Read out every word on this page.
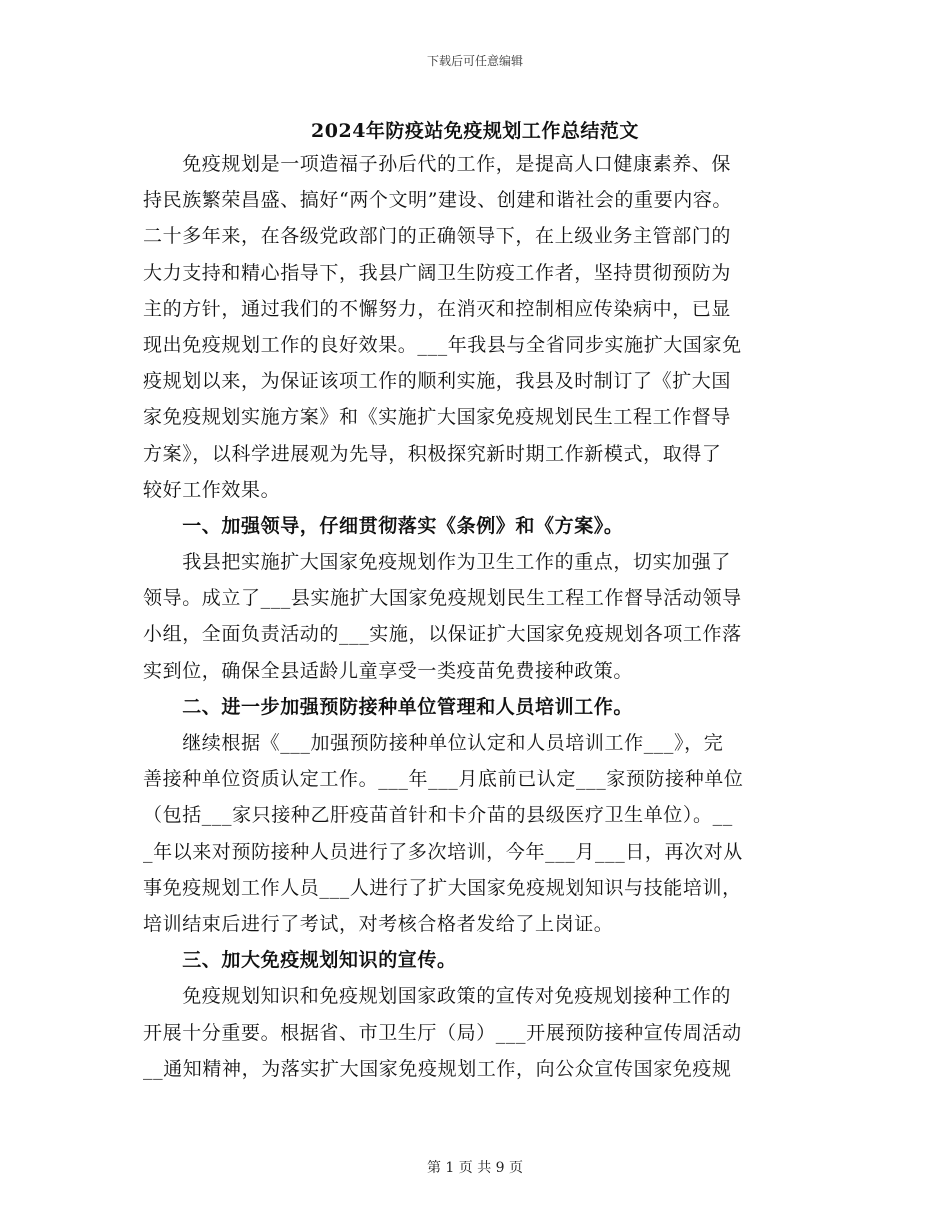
下载后可任意编辑
2024年防疫站免疫规划工作总结范文
　　免疫规划是一项造福子孙后代的工作，是提高人口健康素养、保
持民族繁荣昌盛、搞好“两个文明”建设、创建和谐社会的重要内容。
二十多年来，在各级党政部门的正确领导下，在上级业务主管部门的
大力支持和精心指导下，我县广阔卫生防疫工作者，坚持贯彻预防为
主的方针，通过我们的不懈努力，在消灭和控制相应传染病中，已显
现出免疫规划工作的良好效果。___年我县与全省同步实施扩大国家免
疫规划以来，为保证该项工作的顺利实施，我县及时制订了《扩大国
家免疫规划实施方案》和《实施扩大国家免疫规划民生工程工作督导
方案》，以科学进展观为先导，积极探究新时期工作新模式，取得了
较好工作效果。
　　一、加强领导，仔细贯彻落实《条例》和《方案》。
　　我县把实施扩大国家免疫规划作为卫生工作的重点，切实加强了
领导。成立了___县实施扩大国家免疫规划民生工程工作督导活动领导
小组，全面负责活动的___实施，以保证扩大国家免疫规划各项工作落
实到位，确保全县适龄儿童享受一类疫苗免费接种政策。
　　二、进一步加强预防接种单位管理和人员培训工作。
　　继续根据《___加强预防接种单位认定和人员培训工作___》，完
善接种单位资质认定工作。___年___月底前已认定___家预防接种单位
（包括___家只接种乙肝疫苗首针和卡介苗的县级医疗卫生单位）。__
_年以来对预防接种人员进行了多次培训，今年___月___日，再次对从
事免疫规划工作人员___人进行了扩大国家免疫规划知识与技能培训，
培训结束后进行了考试，对考核合格者发给了上岗证。
　　三、加大免疫规划知识的宣传。
　　免疫规划知识和免疫规划国家政策的宣传对免疫规划接种工作的
开展十分重要。根据省、市卫生厅（局）___开展预防接种宣传周活动
__通知精神，为落实扩大国家免疫规划工作，向公众宣传国家免疫规
第 1 页 共 9 页
